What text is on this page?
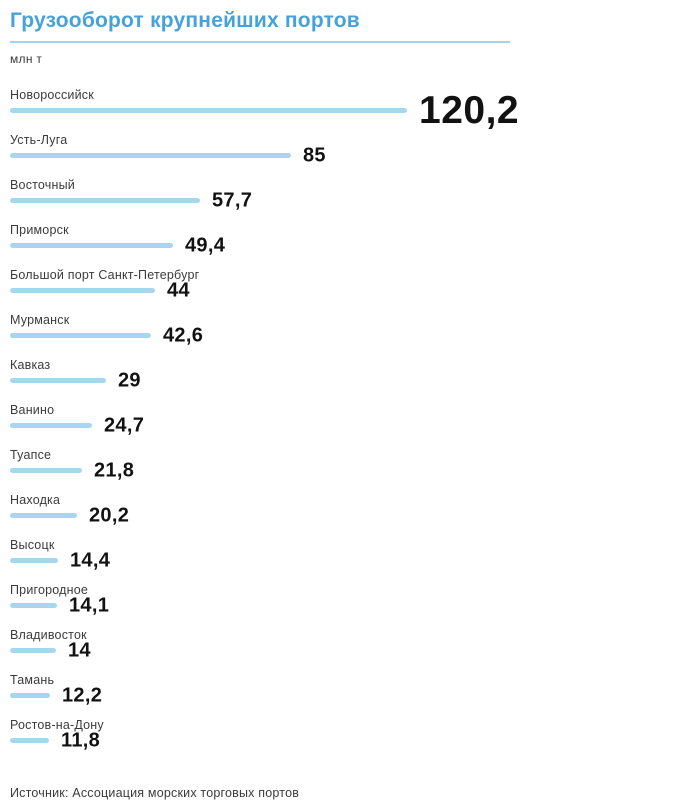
Грузооборот крупнейших портов
млн т
Новороссийск	120,2
Усть-Луга
85
Восточный
57,7
Приморск
49,4
Большой порт Санкт-Петербург
44
Мурманск
42,6
Кавказ
29
Ванино
24,7
Туапсе
21,8
Находка
20,2
Высоцк
14,4
Пригородное
14,1
Владивосток
14
Тамань
12,2
Ростов-на-Дону
11,8
Источник: Ассоциация морских торговых портов
